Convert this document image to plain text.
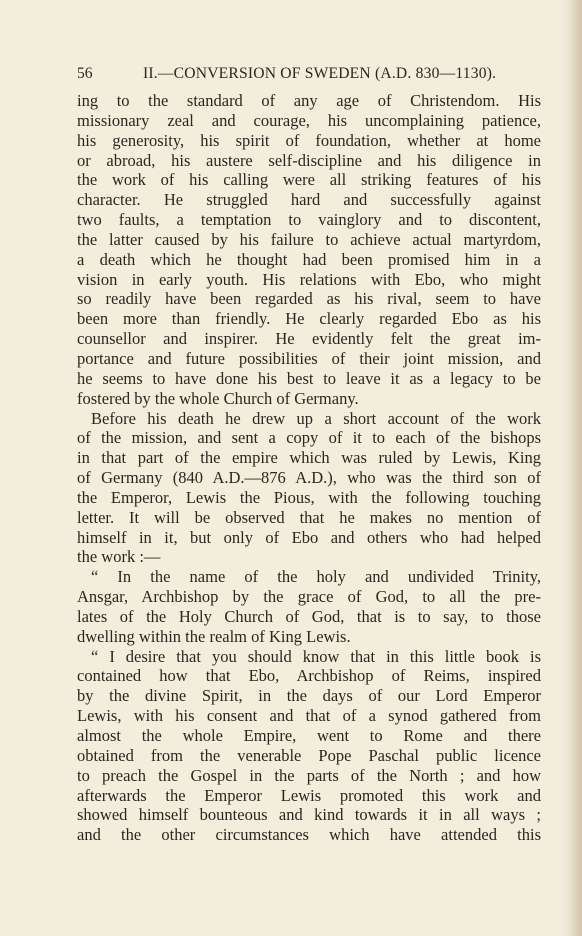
56	II.—CONVERSION OF SWEDEN (A.D. 830—1130).
ing to the standard of any age of Christendom. His
missionary zeal and courage, his uncomplaining patience,
his generosity, his spirit of foundation, whether at home
or abroad, his austere self-discipline and his diligence in
the work of his calling were all striking features of his
character. He struggled hard and successfully against
two faults, a temptation to vainglory and to discontent,
the latter caused by his failure to achieve actual martyrdom,
a death which he thought had been promised him in a
vision in early youth. His relations with Ebo, who might
so readily have been regarded as his rival, seem to have
been more than friendly. He clearly regarded Ebo as his
counsellor and inspirer. He evidently felt the great im-
portance and future possibilities of their joint mission, and
he seems to have done his best to leave it as a legacy to be
fostered by the whole Church of Germany.
Before his death he drew up a short account of the work
of the mission, and sent a copy of it to each of the bishops
in that part of the empire which was ruled by Lewis, King
of Germany (840 A.D.—876 A.D.), who was the third son of
the Emperor, Lewis the Pious, with the following touching
letter. It will be observed that he makes no mention of
himself in it, but only of Ebo and others who had helped
the work :—
“ In the name of the holy and undivided Trinity,
Ansgar, Archbishop by the grace of God, to all the pre-
lates of the Holy Church of God, that is to say, to those
dwelling within the realm of King Lewis.
“ I desire that you should know that in this little book is
contained how that Ebo, Archbishop of Reims, inspired
by the divine Spirit, in the days of our Lord Emperor
Lewis, with his consent and that of a synod gathered from
almost the whole Empire, went to Rome and there
obtained from the venerable Pope Paschal public licence
to preach the Gospel in the parts of the North ; and how
afterwards the Emperor Lewis promoted this work and
showed himself bounteous and kind towards it in all ways ;
and the other circumstances which have attended this
